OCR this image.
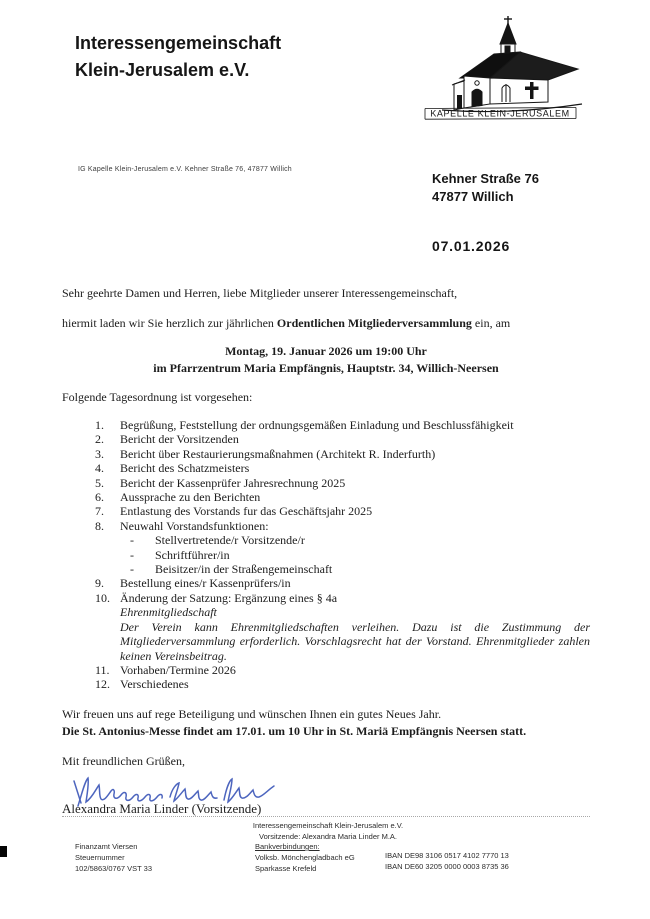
Interessengemeinschaft
Klein-Jerusalem e.V.
KAPELLE KLEIN-JERUSALEM
IG Kapelle Klein-Jerusalem e.V. Kehner Straße 76, 47877 Willich
Kehner Straße 76
47877 Willich
07.01.2026

Sehr geehrte Damen und Herren, liebe Mitglieder unserer Interessengemeinschaft,

hiermit laden wir Sie herzlich zur jährlichen Ordentlichen Mitgliederversammlung ein, am

Montag, 19. Januar 2026 um 19:00 Uhr
im Pfarrzentrum Maria Empfängnis, Hauptstr. 34, Willich-Neersen

Folgende Tagesordnung ist vorgesehen:

1.	Begrüßung, Feststellung der ordnungsgemäßen Einladung und Beschlussfähigkeit
2.	Bericht der Vorsitzenden
3.	Bericht über Restaurierungsmaßnahmen (Architekt R. Inderfurth)
4.	Bericht des Schatzmeisters
5.	Bericht der Kassenprüfer Jahresrechnung 2025
6.	Aussprache zu den Berichten
7.	Entlastung des Vorstands fur das Geschäftsjahr 2025
8.	Neuwahl Vorstandsfunktionen:
-	Stellvertretende/r Vorsitzende/r
-	Schriftführer/in
-	Beisitzer/in der Straßengemeinschaft
9.	Bestellung eines/r Kassenprüfers/in
10. Änderung der Satzung: Ergänzung eines § 4a
Ehrenmitgliedschaft
Der Verein kann Ehrenmitgliedschaften verleihen. Dazu ist die Zustimmung der Mitgliederversammlung erforderlich. Vorschlagsrecht hat der Vorstand. Ehrenmitglieder zahlen keinen Vereinsbeitrag.
11. Vorhaben/Termine 2026
12. Verschiedenes
Wir freuen uns auf rege Beteiligung und wünschen Ihnen ein gutes Neues Jahr.
Die St. Antonius-Messe findet am 17.01. um 10 Uhr in St. Mariä Empfängnis Neersen statt.
Mit freundlichen Grüßen,
Alexandra Maria Linder (Vorsitzende)
Interessengemeinschaft Klein-Jerusalem e.V.
Vorsitzende: Alexandra Maria Linder M.A.
Finanzamt Viersen
Steuernummer
102/5863/0767 VST 33
Bankverbindungen:
Volksb. Mönchengladbach eG
Sparkasse Krefeld
IBAN DE98 3106 0517 4102 7770 13
IBAN DE60 3205 0000 0003 8735 36
